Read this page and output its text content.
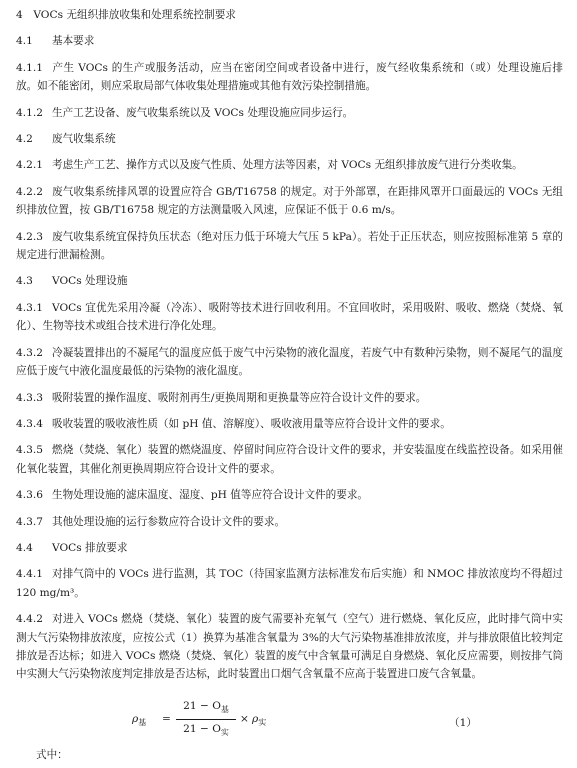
4　VOCs 无组织排放收集和处理系统控制要求

4.1 基本要求

4.1.1 产生 VOCs 的生产或服务活动，应当在密闭空间或者设备中进行，废气经收集系统和（或）处理设施后排放。如不能密闭，则应采取局部气体收集处理措施或其他有效污染控制措施。

4.1.2 生产工艺设备、废气收集系统以及 VOCs 处理设施应同步运行。

4.2 废气收集系统

4.2.1 考虑生产工艺、操作方式以及废气性质、处理方法等因素，对 VOCs 无组织排放废气进行分类收集。

4.2.2 废气收集系统排风罩的设置应符合 GB/T16758 的规定。对于外部罩，在距排风罩开口面最远的 VOCs 无组织排放位置，按 GB/T16758 规定的方法测量吸入风速，应保证不低于 0.6 m/s。

4.2.3 废气收集系统宜保持负压状态（绝对压力低于环境大气压 5 kPa）。若处于正压状态，则应按照标准第 5 章的规定进行泄漏检测。

4.3 VOCs 处理设施

4.3.1 VOCs 宜优先采用冷凝（冷冻）、吸附等技术进行回收利用。不宜回收时，采用吸附、吸收、燃烧（焚烧、氧化）、生物等技术或组合技术进行净化处理。

4.3.2 冷凝装置排出的不凝尾气的温度应低于废气中污染物的液化温度，若废气中有数种污染物，则不凝尾气的温度应低于废气中液化温度最低的污染物的液化温度。

4.3.3 吸附装置的操作温度、吸附剂再生/更换周期和更换量等应符合设计文件的要求。

4.3.4 吸收装置的吸收液性质（如 pH 值、溶解度）、吸收液用量等应符合设计文件的要求。

4.3.5 燃烧（焚烧、氧化）装置的燃烧温度、停留时间应符合设计文件的要求，并安装温度在线监控设备。如采用催化氧化装置，其催化剂更换周期应符合设计文件的要求。

4.3.6 生物处理设施的滤床温度、湿度、pH 值等应符合设计文件的要求。

4.3.7 其他处理设施的运行参数应符合设计文件的要求。

4.4 VOCs 排放要求

4.4.1 对排气筒中的 VOCs 进行监测，其 TOC（待国家监测方法标准发布后实施）和 NMOC 排放浓度均不得超过 120 mg/m³。

4.4.2 对进入 VOCs 燃烧（焚烧、氧化）装置的废气需要补充氧气（空气）进行燃烧、氧化反应，此时排气筒中实测大气污染物排放浓度，应按公式（1）换算为基准含氧量为 3%的大气污染物基准排放浓度，并与排放限值比较判定排放是否达标；如进入 VOCs 燃烧（焚烧、氧化）装置的废气中含氧量可满足自身燃烧、氧化反应需要，则按排气筒中实测大气污染物浓度判定排放是否达标，此时装置出口烟气含氧量不应高于装置进口废气含氧量。

$\rho_基$ =
$21 - O_基$
$21 - O_实$
× $\rho_实$	（1）

式中：
